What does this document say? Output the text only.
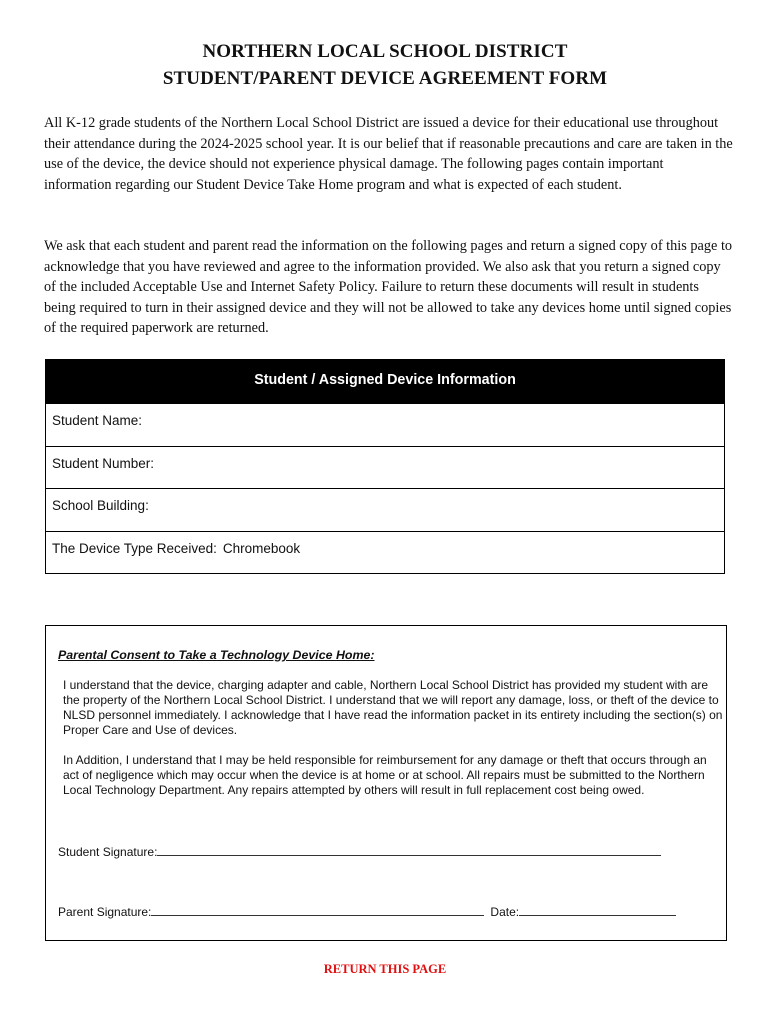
NORTHERN LOCAL SCHOOL DISTRICT
STUDENT/PARENT DEVICE AGREEMENT FORM

All K-12 grade students of the Northern Local School District are issued a device for their educational use throughout their attendance during the 2024-2025 school year. It is our belief that if reasonable precautions and care are taken in the use of the device, the device should not experience physical damage. The following pages contain important information regarding our Student Device Take Home program and what is expected of each student.

We ask that each student and parent read the information on the following pages and return a signed copy of this page to acknowledge that you have reviewed and agree to the information provided. We also ask that you return a signed copy of the included Acceptable Use and Internet Safety Policy. Failure to return these documents will result in students being required to turn in their assigned device and they will not be allowed to take any devices home until signed copies of the required paperwork are returned.

Student / Assigned Device Information
Student Name:
Student Number:
School Building:
The Device Type Received: Chromebook
Parental Consent to Take a Technology Device Home:

I understand that the device, charging adapter and cable, Northern Local School District has provided my student with are the property of the Northern Local School District. I understand that we will report any damage, loss, or theft of the device to NLSD personnel immediately. I acknowledge that I have read the information packet in its entirety including the section(s) on Proper Care and Use of devices.

In Addition, I understand that I may be held responsible for reimbursement for any damage or theft that occurs through an act of negligence which may occur when the device is at home or at school. All repairs must be submitted to the Northern Local Technology Department. Any repairs attempted by others will result in full replacement cost being owed.

Student Signature:
Parent Signature:	Date:
RETURN THIS PAGE
